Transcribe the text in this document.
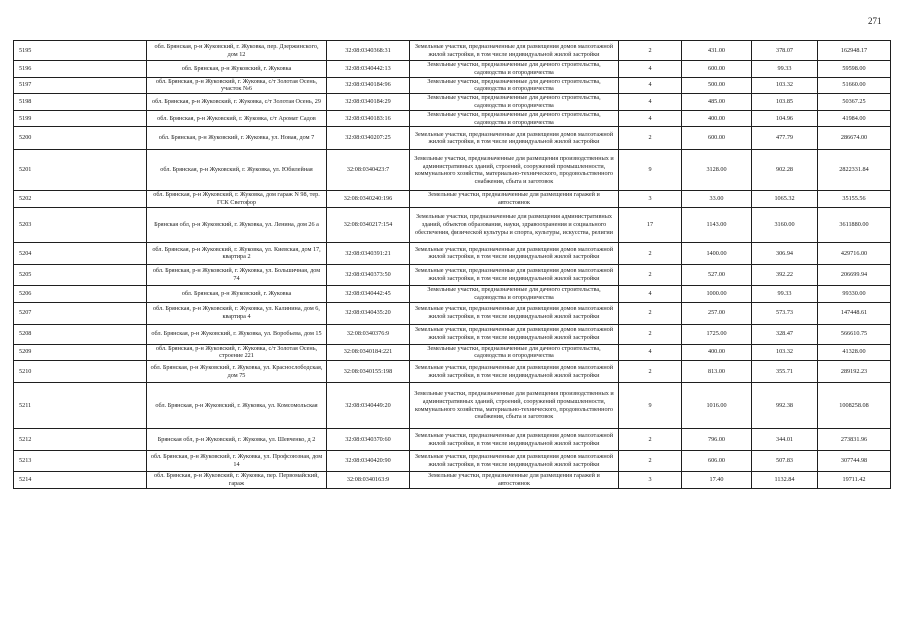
271
5195	обл. Брянская, р-н Жуковский, г. Жуковка, пер. Дзержинского, дом 12	32:08:0340368:31	Земельные участки, предназначенные для размещения домов малоэтажной жилой застройки, в том числе индивидуальной жилой застройки	2	431.00	378.07	162948.17
5196	обл. Брянская, р-н Жуковский, г. Жуковка	32:08:0340442:13	Земельные участки, предназначенные для дачного строительства, садоводства и огородничества	4	600.00	99.33	59598.00
5197	обл. Брянская, р-н Жуковский, г. Жуковка, с/т Золотая Осень, участок №6	32:08:0340184:96	Земельные участки, предназначенные для дачного строительства, садоводства и огородничества	4	500.00	103.32	51660.00
5198	обл. Брянская, р-н Жуковский, г. Жуковка, с/т Золотая Осень, 29	32:08:0340184:29	Земельные участки, предназначенные для дачного строительства, садоводства и огородничества	4	485.00	103.85	50367.25
5199	обл. Брянская, р-н Жуковский, г. Жуковка, с/т Аромат Садов	32:08:0340183:16	Земельные участки, предназначенные для дачного строительства, садоводства и огородничества	4	400.00	104.96	41984.00
5200	обл. Брянская, р-н Жуковский, г. Жуковка, ул. Новая, дом 7	32:08:0340207:25	Земельные участки, предназначенные для размещения домов малоэтажной жилой застройки, в том числе индивидуальной жилой застройки	2	600.00	477.79	286674.00
5201	обл. Брянская, р-н Жуковский, г. Жуковка, ул. Юбилейная	32:08:0340423:7	Земельные участки, предназначенные для размещения производственных и административных зданий, строений, сооружений промышленности, коммунального хозяйства, материально-технического, продовольственного снабжения, сбыта и заготовок	9	3128.00	902.28	2822331.84
5202	обл. Брянская, р-н Жуковский, г. Жуковка, дом гараж N 98, тер. ГСК Светофор	32:08:0340240:196	Земельные участки, предназначенные для размещения гаражей и автостоянок	3	33.00	1065.32	35155.56
5203	Брянская обл, р-н Жуковский, г. Жуковка, ул. Ленина, дом 26 а	32:08:0340217:154	Земельные участки, предназначенные для размещения административных зданий, объектов образования, науки, здравоохранения и социального обеспечения, физической культуры и спорта, культуры, искусства, религии	17	1143.00	3160.00	3611880.00
5204	обл. Брянская, р-н Жуковский, г. Жуковка, ул. Киевская, дом 17, квартира 2	32:08:0340391:21	Земельные участки, предназначенные для размещения домов малоэтажной жилой застройки, в том числе индивидуальной жилой застройки	2	1400.00	306.94	429716.00
5205	обл. Брянская, р-н Жуковский, г. Жуковка, ул. Большичная, дом 74	32:08:0340373:50	Земельные участки, предназначенные для размещения домов малоэтажной жилой застройки, в том числе индивидуальной жилой застройки	2	527.00	392.22	206699.94
5206	обл. Брянская, р-н Жуковский, г. Жуковка	32:08:0340442:45	Земельные участки, предназначенные для дачного строительства, садоводства и огородничества	4	1000.00	99.33	99330.00
5207	обл. Брянская, р-н Жуковский, г. Жуковка, ул. Калинина, дом 6, квартира 4	32:08:0340435:20	Земельные участки, предназначенные для размещения домов малоэтажной жилой застройки, в том числе индивидуальной жилой застройки	2	257.00	573.73	147448.61
5208	обл. Брянская, р-н Жуковский, г. Жуковка, ул. Воробьева, дом 15	32:08:0340376:9	Земельные участки, предназначенные для размещения домов малоэтажной жилой застройки, в том числе индивидуальной жилой застройки	2	1725.00	328.47	566610.75
5209	обл. Брянская, р-н Жуковский, г. Жуковка, с/т Золотая Осень, строение 221	32:08:0340184:221	Земельные участки, предназначенные для дачного строительства, садоводства и огородничества	4	400.00	103.32	41328.00
5210	обл. Брянская, р-н Жуковский, г. Жуковка, ул. Краснослободская, дом 75	32:08:0340155:198	Земельные участки, предназначенные для размещения домов малоэтажной жилой застройки, в том числе индивидуальной жилой застройки	2	813.00	355.71	289192.23
5211	обл. Брянская, р-н Жуковский, г. Жуковка, ул. Комсомольская	32:08:0340449:20	Земельные участки, предназначенные для размещения производственных и административных зданий, строений, сооружений промышленности, коммунального хозяйства, материально-технического, продовольственного снабжения, сбыта и заготовок	9	1016.00	992.38	1008258.08
5212	Брянская обл, р-н Жуковский, г. Жуковка, ул. Шевченко, д 2	32:08:0340370:60	Земельные участки, предназначенные для размещения домов малоэтажной жилой застройки, в том числе индивидуальной жилой застройки	2	796.00	344.01	273831.96
5213	обл. Брянская, р-н Жуковский, г. Жуковка, ул. Профсоюзная, дом 14	32:08:0340420:90	Земельные участки, предназначенные для размещения домов малоэтажной жилой застройки, в том числе индивидуальной жилой застройки	2	606.00	507.83	307744.98
5214	обл. Брянская, р-н Жуковский, г. Жуковка, пер. Первомайский, гараж	32:08:0340163:9	Земельные участки, предназначенные для размещения гаражей и автостоянок	3	17.40	1132.84	19711.42
